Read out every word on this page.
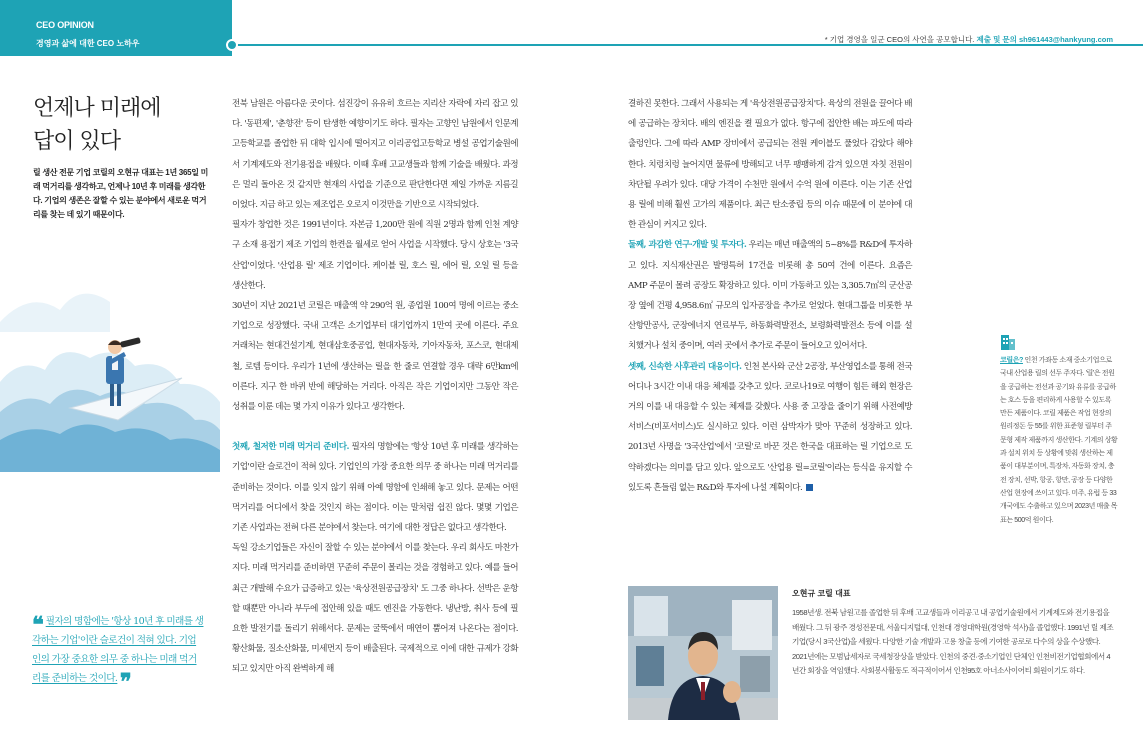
CEO OPINION
경영과 삶에 대한 CEO 노하우	* 기업 경영을 일군 CEO의 사연을 공모합니다. 제출 및 문의 sh961443@hankyung.com
언제나 미래에
답이 있다

릴 생산 전문 기업 코릴의 오현규 대표는 1년 365일 미래 먹거리를 생각하고, 언제나 10년 후 미래를 생각한다. 기업의 생존은 잘할 수 있는 분야에서 새로운 먹거리를 찾는 데 있기 때문이다.

❝ 필자의 명함에는 '항상 10년 후 미래를 생각하는 기업'이란 슬로건이 적혀 있다. 기업인의 가장 중요한 의무 중 하나는 미래 먹거리를 준비하는 것이다. ❞

전북 남원은 아름다운 곳이다. 섬진강이 유유히 흐르는 지리산 자락에 자리 잡고 있다. '동편제', '춘향전' 등이 탄생한 예향이기도 하다. 필자는 고향인 남원에서 인문계 고등학교를 졸업한 뒤 대학 입시에 떨어지고 이리공업고등학교 병설 공업기술원에서 기계제도와 전기용접을 배웠다. 이때 후배 고교생들과 함께 기술을 배웠다. 과정은 멀리 돌아온 것 같지만 현재의 사업을 기준으로 판단한다면 제일 가까운 지름길이었다. 지금 하고 있는 제조업은 오로지 이것만을 기반으로 시작되었다.

필자가 창업한 것은 1991년이다. 자본금 1,200만 원에 직원 2명과 함께 인천 계양구 소재 용접기 제조 기업의 한켠을 월세로 얻어 사업을 시작했다. 당시 상호는 '3국산업'이었다. '산업용 릴' 제조 기업이다. 케이블 릴, 호스 릴, 에어 릴, 오일 릴 등을 생산한다.

30년이 지난 2021년 코릴은 매출액 약 290억 원, 종업원 100여 명에 이르는 중소기업으로 성장했다. 국내 고객은 소기업부터 대기업까지 1만여 곳에 이른다. 주요 거래처는 현대건설기계, 현대삼호중공업, 현대자동차, 기아자동차, 포스코, 현대제철, 로템 등이다. 우리가 1년에 생산하는 릴을 한 줄로 연결할 경우 대략 6만km에 이른다. 지구 한 바퀴 반에 해당하는 거리다. 아직은 작은 기업이지만 그동안 작은 성취를 이룬 데는 몇 가지 이유가 있다고 생각한다.

첫째, 철저한 미래 먹거리 준비다. 필자의 명함에는 '항상 10년 후 미래를 생각하는 기업'이란 슬로건이 적혀 있다. 기업인의 가장 중요한 의무 중 하나는 미래 먹거리를 준비하는 것이다. 이를 잊지 않기 위해 아예 명함에 인쇄해 놓고 있다. 문제는 어떤 먹거리를 어디에서 찾을 것인지 하는 점이다. 이는 말처럼 쉽진 않다. 몇몇 기업은 기존 사업과는 전혀 다른 분야에서 찾는다. 여기에 대한 정답은 없다고 생각한다.

독일 강소기업들은 자신이 잘할 수 있는 분야에서 이를 찾는다. 우리 회사도 마찬가지다. 미래 먹거리를 준비하면 꾸준히 주문이 몰리는 것을 경험하고 있다. 예를 들어 최근 개발해 수요가 급증하고 있는 '육상전원공급장치' 도 그중 하나다. 선박은 운항할 때뿐만 아니라 부두에 접안해 있을 때도 엔진을 가동한다. 냉난방, 취사 등에 필요한 발전기를 돌리기 위해서다. 문제는 굴뚝에서 매연이 뿜어져 나온다는 점이다. 황산화물, 질소산화물, 미세먼지 등이 배출된다. 국제적으로 이에 대한 규제가 강화되고 있지만 아직 완벽하게 해

결하진 못한다. 그래서 사용되는 게 '육상전원공급장치'다. 육상의 전원을 끌어다 배에 공급하는 장치다. 배의 엔진을 켤 필요가 없다. 항구에 접안한 배는 파도에 따라 출렁인다. 그에 따라 AMP 장비에서 공급되는 전원 케이블도 풀었다 감았다 해야 한다. 치렁치렁 늘어지면 물류에 방해되고 너무 팽팽하게 감겨 있으면 자칫 전원이 차단될 우려가 있다. 대당 가격이 수천만 원에서 수억 원에 이른다. 이는 기존 산업용 릴에 비해 훨씬 고가의 제품이다. 최근 탄소중립 등의 이슈 때문에 이 분야에 대한 관심이 커지고 있다.

둘째, 과감한 연구·개발 및 투자다. 우리는 매년 매출액의 5~8%를 R&D에 투자하고 있다. 지식재산권은 발명특허 17건을 비롯해 총 50여 건에 이른다. 요즘은 AMP 주문이 몰려 공장도 확장하고 있다. 이미 가동하고 있는 3,305.7㎡의 군산공장 옆에 건평 4,958.6㎡ 규모의 입자공장을 추가로 얻었다. 현대그룹을 비롯한 부산항만공사, 군장에너지 연료부두, 하동화력발전소, 보령화력발전소 등에 이를 설치했거나 설치 중이며, 여러 곳에서 추가로 주문이 들어오고 있어서다.

셋째, 신속한 사후관리 대응이다. 인천 본사와 군산 2공장, 부산영업소를 통해 전국 어디나 3시간 이내 대응 체제를 갖추고 있다. 코로나19로 여행이 힘든 해외 현장은 거의 이를 내 대응할 수 있는 체제를 갖췄다. 사용 중 고장을 줄이기 위해 사전예방 서비스(비포서비스)도 실시하고 있다. 이런 삼박자가 맞아 꾸준히 성장하고 있다. 2013년 사명을 '3국산업'에서 '코릴'로 바꾼 것은 한국을 대표하는 릴 기업으로 도약하겠다는 의미를 담고 있다. 앞으로도 '산업용 릴=코릴'이라는 등식을 유지할 수 있도록 흔들림 없는 R&D와 투자에 나설 계획이다.

코릴은? 인천 가좌동 소재 중소기업으로 국내 산업용 릴의 선두 주자다. '릴'은 전원을 공급하는 전선과 공기와 유류를 공급하는 호스 등을 편리하게 사용할 수 있도록 만든 제품이다. 코릴 제품은 작업 현장의 원리정돈 등 55를 위한 표준형 릴부터 주문형 제작 제품까지 생산한다. 기계의 상황과 설치 위치 등 상황에 맞춰 생산하는 제품이 대부분이며, 특장차, 자동화 장치, 충전 장치, 선박, 항공, 항만, 공장 등 다양한 산업 현장에 쓰이고 있다. 미주, 유럽 등 33개국에도 수출하고 있으며 2023년 매출 목표는 500억 원이다.
오현규 코릴 대표

1958년생. 전북 남원고를 졸업한 뒤 후배 고교생들과 이리공고 내 공업기술원에서 기계제도와 전기용접을 배웠다. 그 뒤 광주 경성전문대, 서울디지털대, 인천대 경영대학원(경영학 석사)을 졸업했다. 1991년 릴 제조 기업(당시 3국산업)을 세웠다. 다양한 기술 개발과 고용 창출 등에 기여한 공로로 다수의 상을 수상했다. 2021년에는 모범납세자로 국세청장상을 받았다. 인천의 중견·중소기업인 단체인 인천비전기업협회에서 4년간 회장을 역임했다. 사회봉사활동도 적극적이어서 인천95호 아너소사이어티 회원이기도 하다.
